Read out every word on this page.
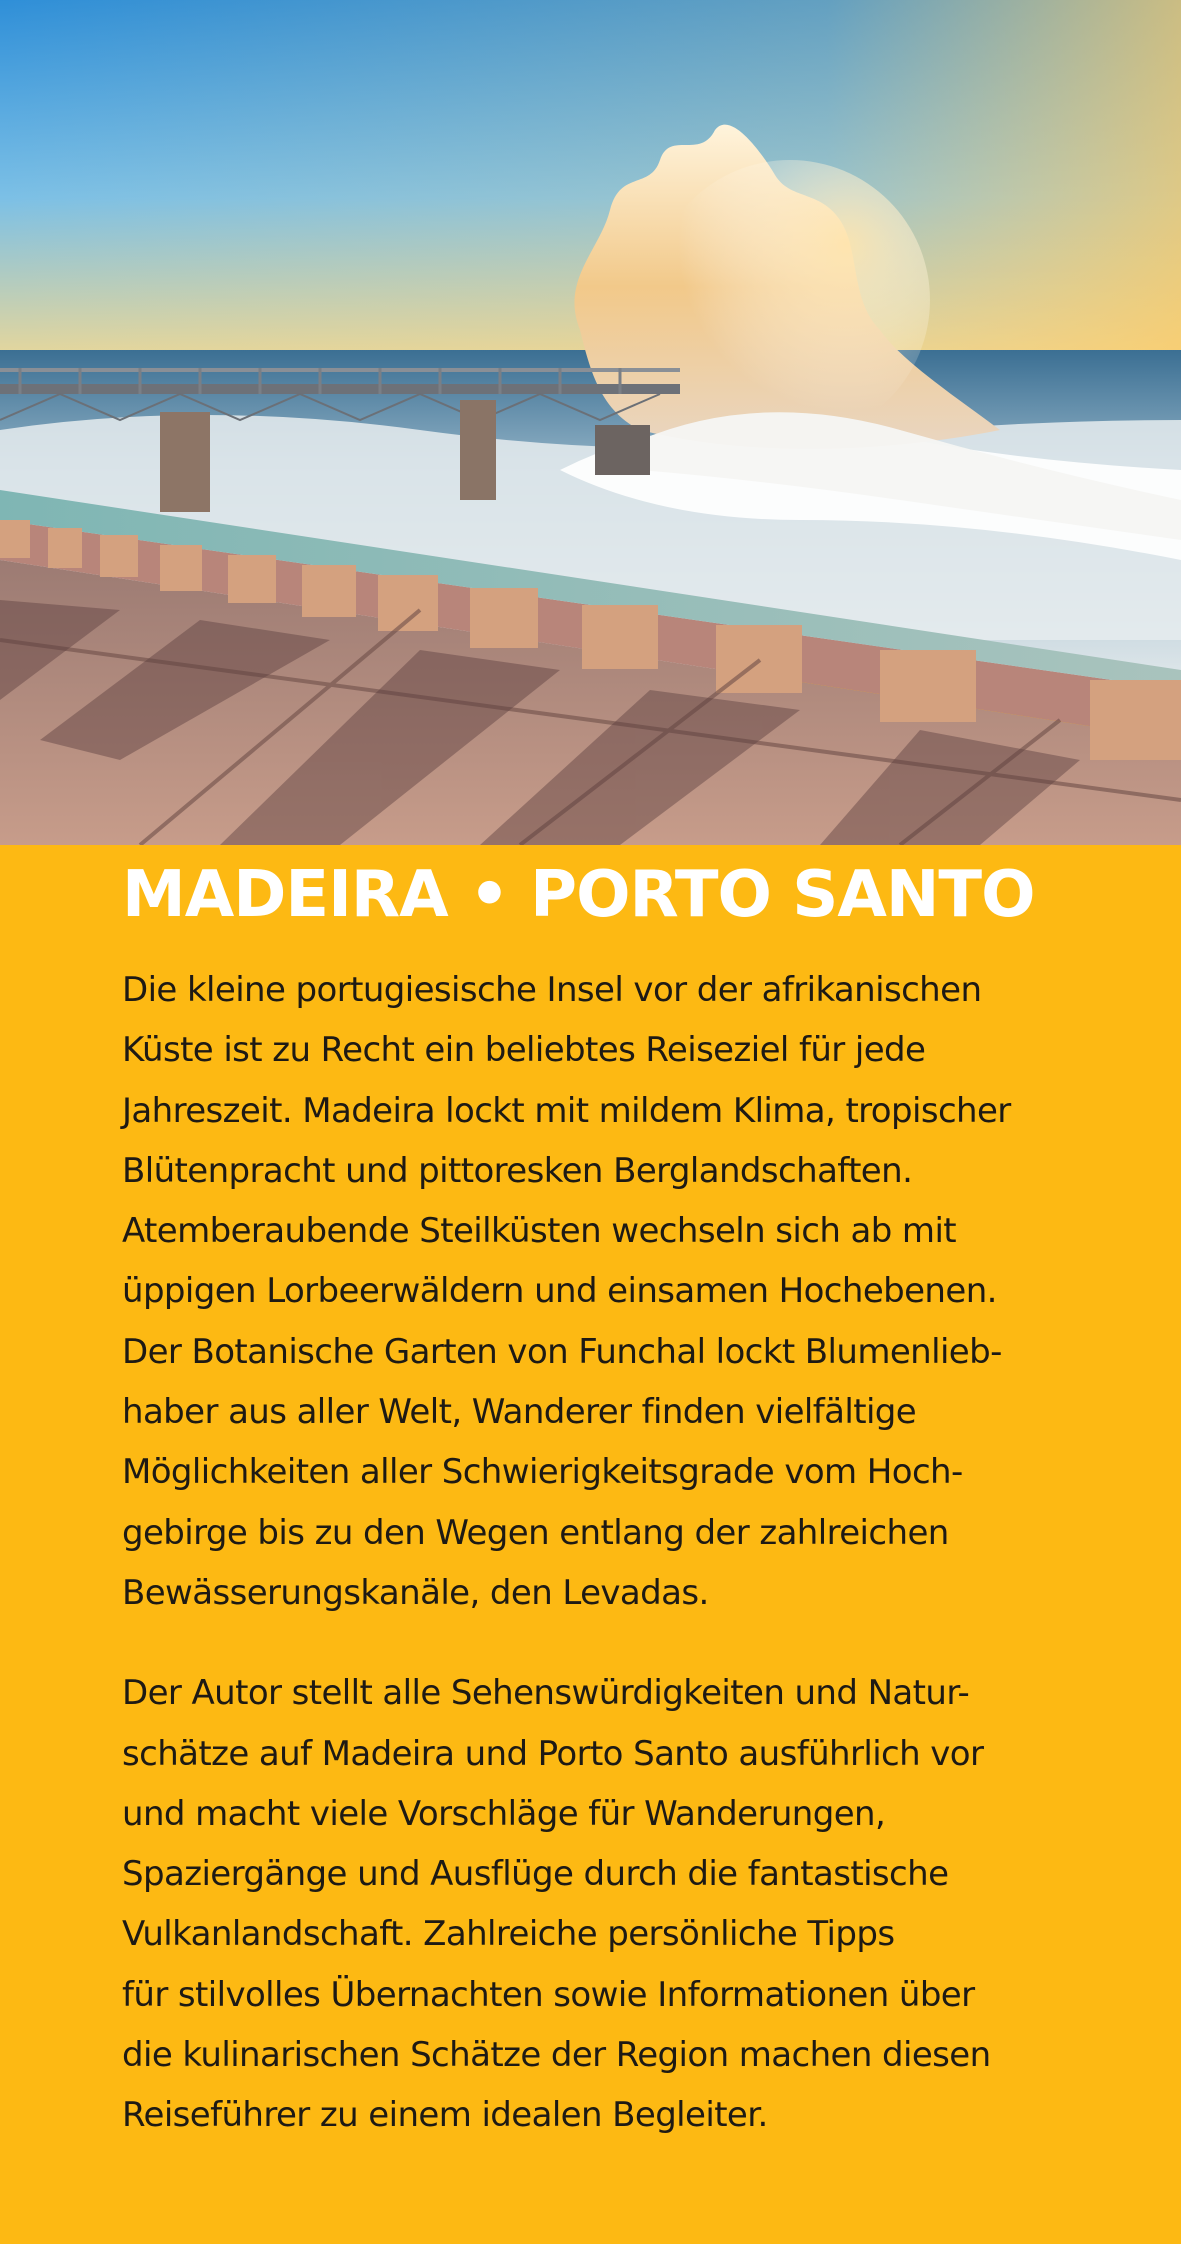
MADEIRA • PORTO SANTO

Die kleine portugiesische Insel vor der afrikanischen
Küste ist zu Recht ein beliebtes Reiseziel für jede
Jahreszeit. Madeira lockt mit mildem Klima, tropischer
Blütenpracht und pittoresken Berglandschaften.
Atemberaubende Steilküsten wechseln sich ab mit
üppigen Lorbeerwäldern und einsamen Hochebenen.
Der Botanische Garten von Funchal lockt Blumenlieb-
haber aus aller Welt, Wanderer finden vielfältige
Möglichkeiten aller Schwierigkeitsgrade vom Hoch-
gebirge bis zu den Wegen entlang der zahlreichen
Bewässerungskanäle, den Levadas.

Der Autor stellt alle Sehenswürdigkeiten und Natur-
schätze auf Madeira und Porto Santo ausführlich vor
und macht viele Vorschläge für Wanderungen,
Spaziergänge und Ausflüge durch die fantastische
Vulkanlandschaft. Zahlreiche persönliche Tipps
für stilvolles Übernachten sowie Informationen über
die kulinarischen Schätze der Region machen diesen
Reiseführer zu einem idealen Begleiter.
